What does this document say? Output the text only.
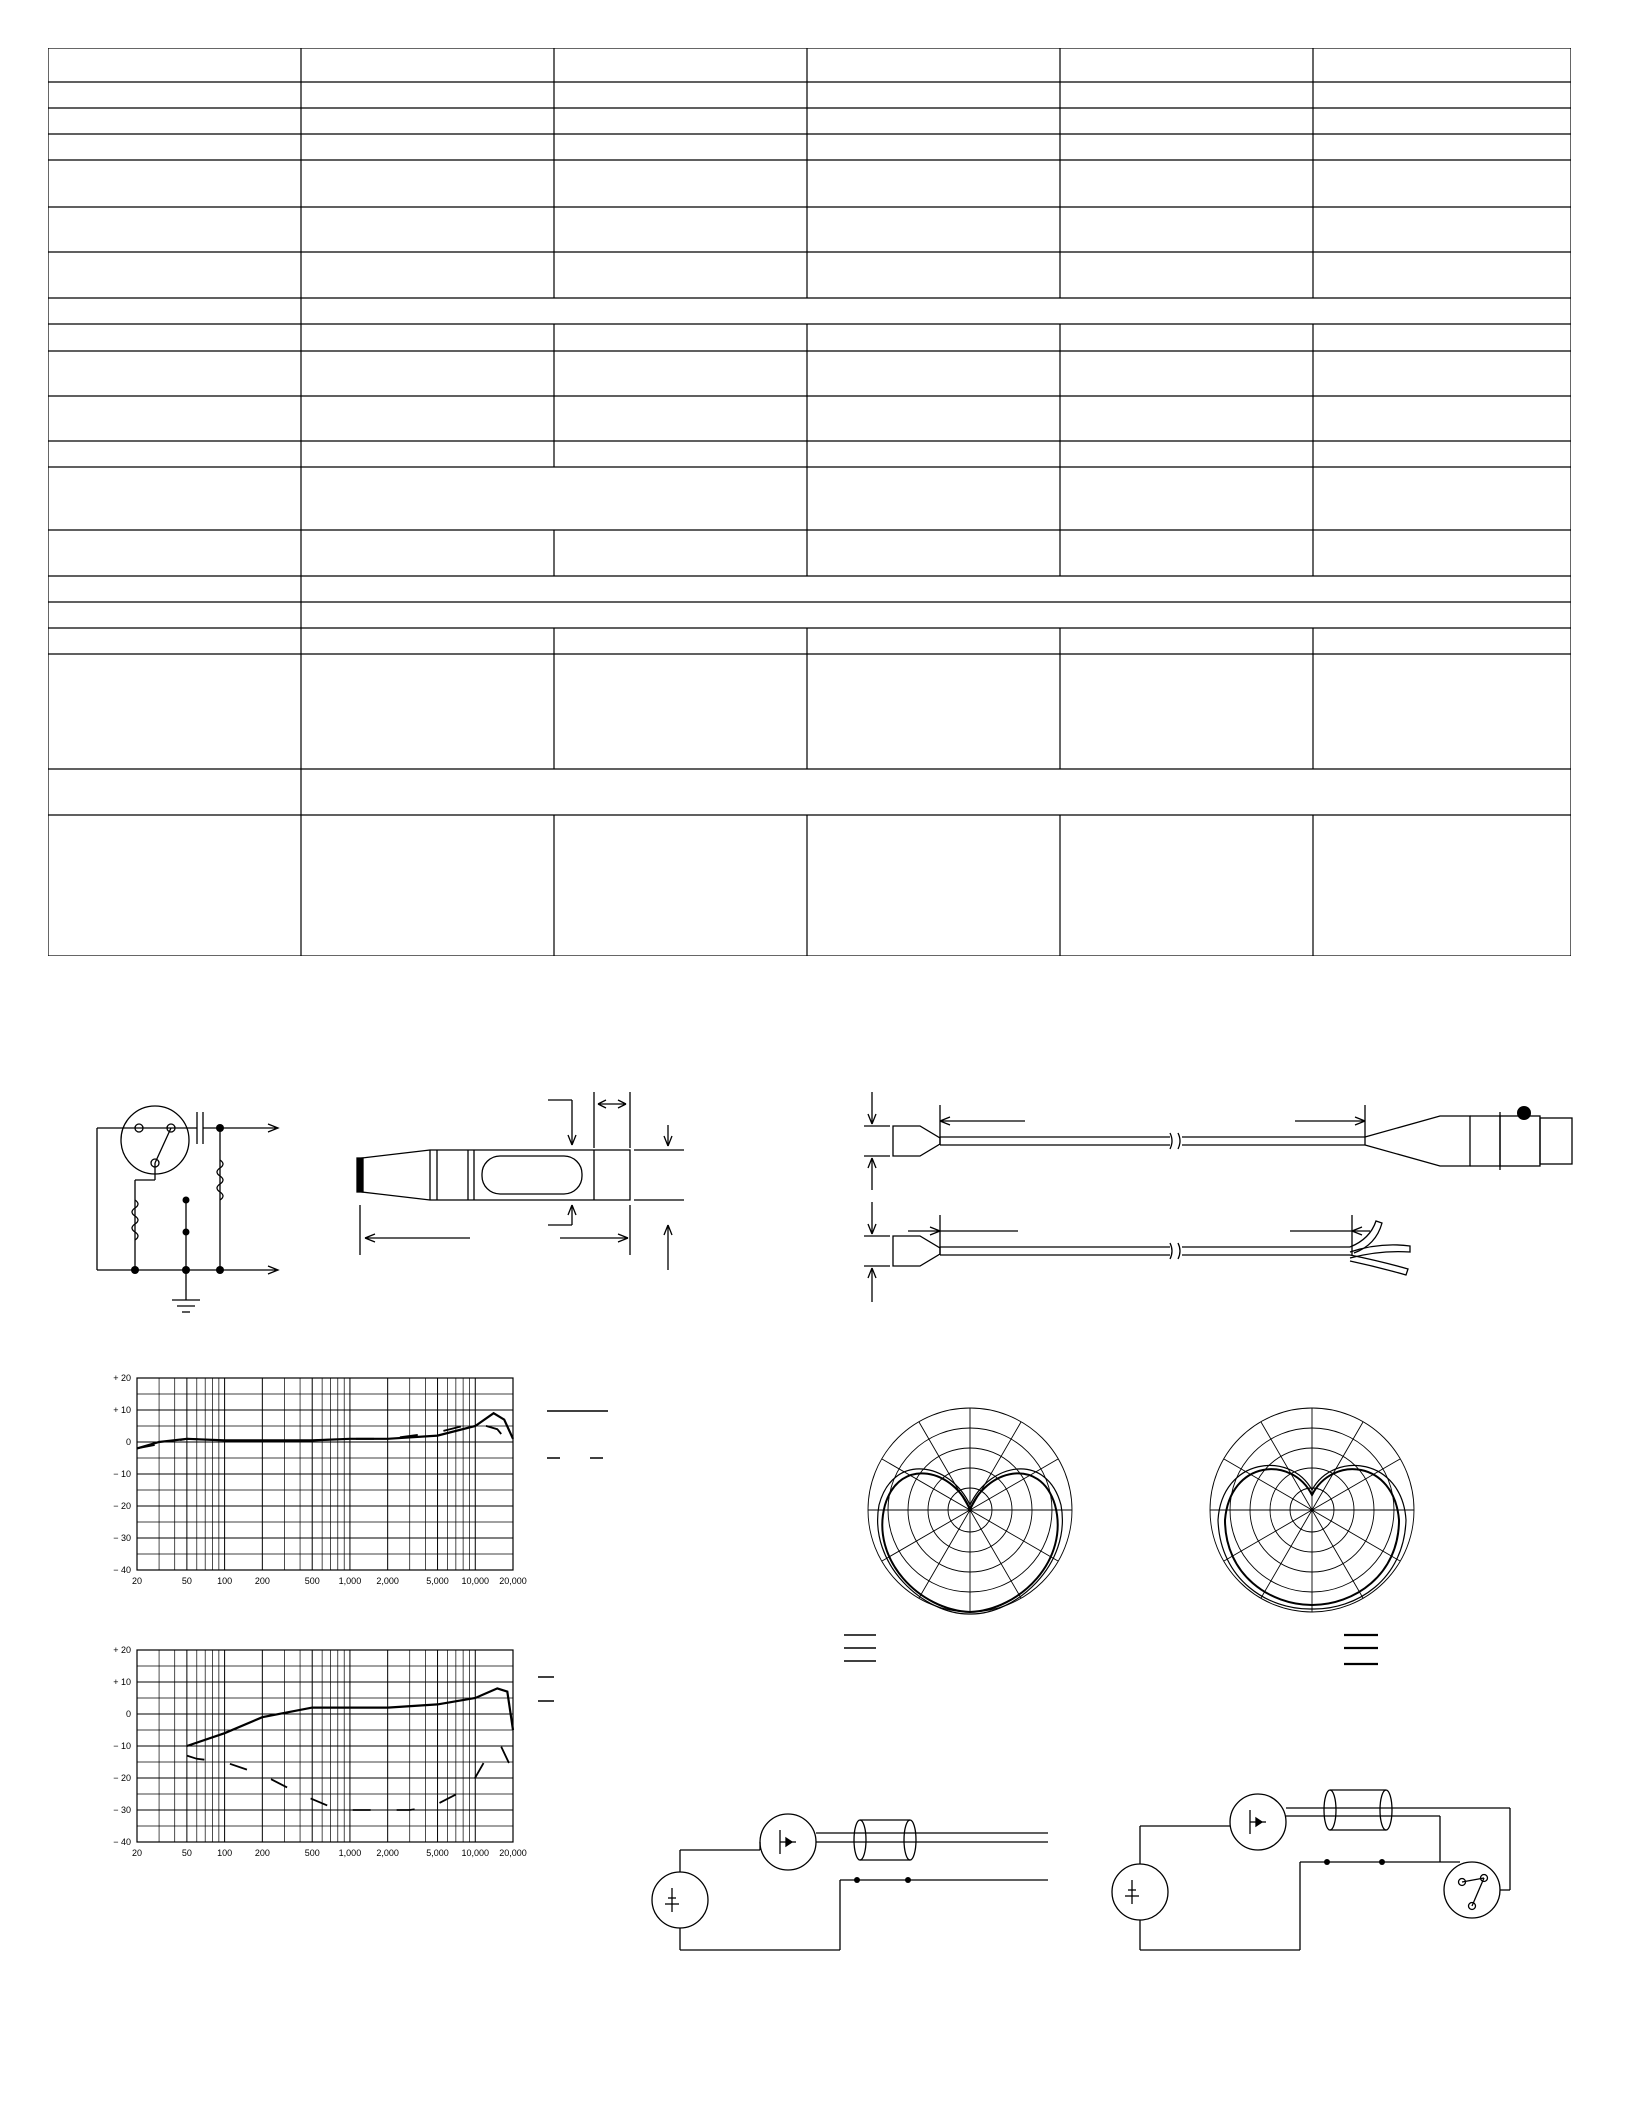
+ 20
+ 10
0
− 10
− 20
− 30
− 40
20	50	100	200	500 1,000 2,000	5,000 10,000 20,000
+ 20
+ 10
0
− 10
− 20
− 30
− 40
20	50	100	200	500 1,000 2,000	5,000 10,000 20,000
